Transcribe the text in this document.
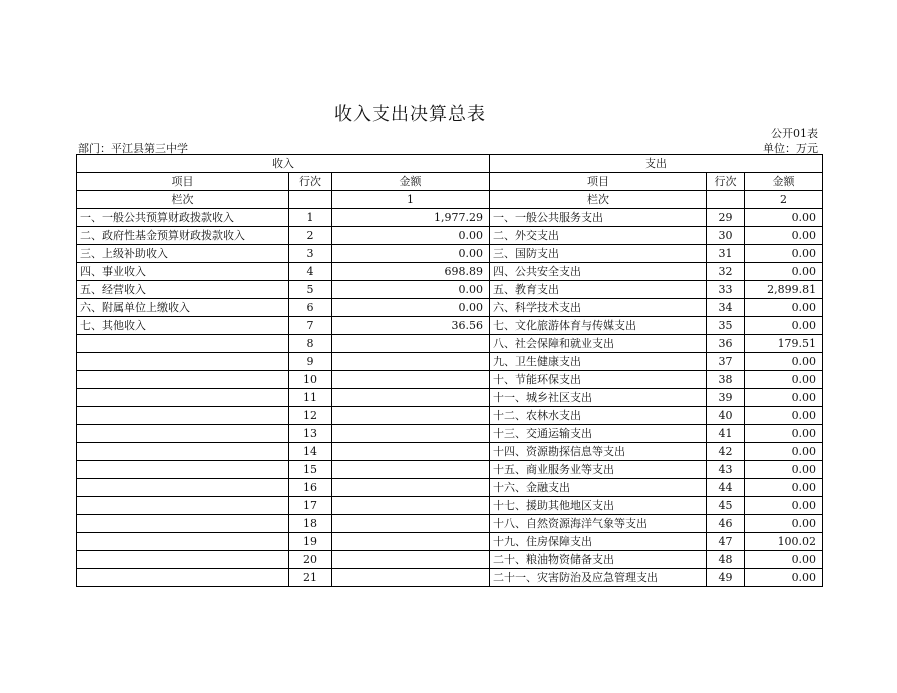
收入支出决算总表
公开01表
部门：平江县第三中学	单位：万元
收入			支出		
项目	行次	金额	项目	行次	金额
栏次		1	栏次		2
一、一般公共预算财政拨款收入	1	1,977.29	一、一般公共服务支出	29	0.00
二、政府性基金预算财政拨款收入	2	0.00	二、外交支出	30	0.00
三、上级补助收入	3	0.00	三、国防支出	31	0.00
四、事业收入	4	698.89	四、公共安全支出	32	0.00
五、经营收入	5	0.00	五、教育支出	33	2,899.81
六、附属单位上缴收入	6	0.00	六、科学技术支出	34	0.00
七、其他收入	7	36.56	七、文化旅游体育与传媒支出	35	0.00
	8		八、社会保障和就业支出	36	179.51
	9		九、卫生健康支出	37	0.00
	10		十、节能环保支出	38	0.00
	11		十一、城乡社区支出	39	0.00
	12		十二、农林水支出	40	0.00
	13		十三、交通运输支出	41	0.00
	14		十四、资源勘探信息等支出	42	0.00
	15		十五、商业服务业等支出	43	0.00
	16		十六、金融支出	44	0.00
	17		十七、援助其他地区支出	45	0.00
	18		十八、自然资源海洋气象等支出	46	0.00
	19		十九、住房保障支出	47	100.02
	20		二十、粮油物资储备支出	48	0.00
	21		二十一、灾害防治及应急管理支出	49	0.00
